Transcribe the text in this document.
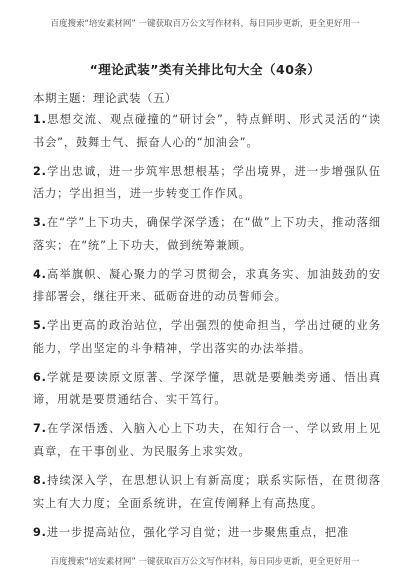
百度搜索“培安素材网” 一键获取百万公文写作材料，每日同步更新，更全更好用一
“理论武装”类有关排比句大全（40条）
本期主题：理论武装（五）

1.思想交流、观点碰撞的“研讨会”，特点鲜明、形式灵活的“读书会”，鼓舞士气、振奋人心的“加油会”。

2.学出忠诚，进一步筑牢思想根基；学出境界，进一步增强队伍活力；学出担当，进一步转变工作作风。

3.在“学”上下功夫，确保学深学透；在“做”上下功夫，推动落细落实；在“统”上下功夫，做到统筹兼顾。

4.高举旗帜、凝心聚力的学习贯彻会，求真务实、加油鼓劲的安排部署会，继往开来、砥砺奋进的动员誓师会。

5.学出更高的政治站位，学出强烈的使命担当，学出过硬的业务能力，学出坚定的斗争精神，学出落实的办法举措。

6.学就是要读原文原著、学深学懂，思就是要触类旁通、悟出真谛，用就是要贯通结合、实干笃行。

7.在学深悟透、入脑入心上下功夫，在知行合一、学以致用上见真章，在干事创业、为民服务上求实效。

8.持续深入学，在思想认识上有新高度；联系实际悟，在贯彻落实上有大力度；全面系统讲，在宣传阐释上有高热度。

9.进一步提高站位，强化学习自觉；进一步聚焦重点，把准

百度搜索“培安素材网” 一键获取百万公文写作材料，每日同步更新，更全更好用一
